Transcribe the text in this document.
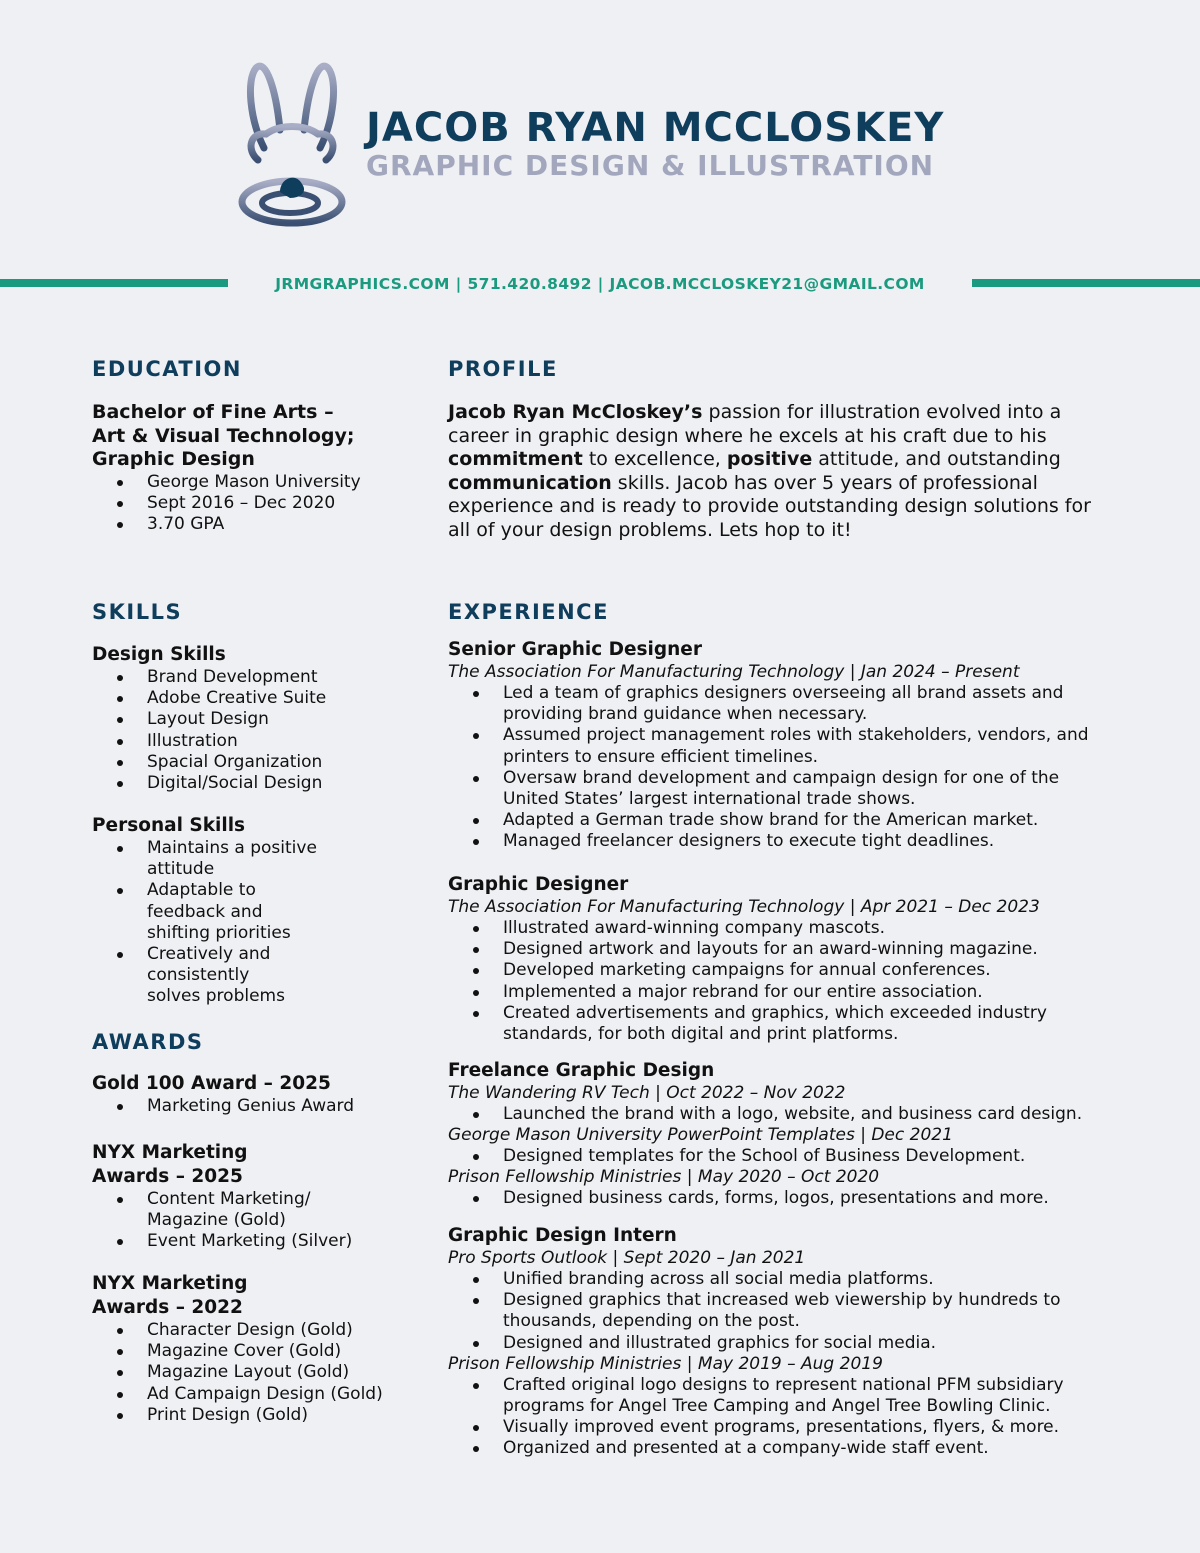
JACOB RYAN MCCLOSKEY
GRAPHIC DESIGN & ILLUSTRATION
JRMGRAPHICS.COM | 571.420.8492 | JACOB.MCCLOSKEY21@GMAIL.COM
EDUCATION
Bachelor of Fine Arts –
Art & Visual Technology;
Graphic Design
George Mason University
Sept 2016 – Dec 2020
3.70 GPA
PROFILE
Jacob Ryan McCloskey’s passion for illustration evolved into a career in graphic design where he excels at his craft due to his commitment to excellence, positive attitude, and outstanding communication skills. Jacob has over 5 years of professional experience and is ready to provide outstanding design solutions for all of your design problems. Lets hop to it!
SKILLS
Design Skills
Brand Development
Adobe Creative Suite
Layout Design
Illustration
Spacial Organization
Digital/Social Design
Personal Skills
Maintains a positive attitude
Adaptable to feedback and shifting priorities
Creatively and consistently solves problems
AWARDS
Gold 100 Award – 2025
Marketing Genius Award
NYX Marketing
Awards – 2025
Content Marketing/ Magazine (Gold)
Event Marketing (Silver)
NYX Marketing
Awards – 2022
Character Design (Gold)
Magazine Cover (Gold)
Magazine Layout (Gold)
Ad Campaign Design (Gold)
Print Design (Gold)
EXPERIENCE
Senior Graphic Designer
The Association For Manufacturing Technology | Jan 2024 – Present
Led a team of graphics designers overseeing all brand assets and providing brand guidance when necessary.
Assumed project management roles with stakeholders, vendors, and printers to ensure efficient timelines.
Oversaw brand development and campaign design for one of the United States’ largest international trade shows.
Adapted a German trade show brand for the American market.
Managed freelancer designers to execute tight deadlines.
Graphic Designer
The Association For Manufacturing Technology | Apr 2021 – Dec 2023
Illustrated award-winning company mascots.
Designed artwork and layouts for an award-winning magazine.
Developed marketing campaigns for annual conferences.
Implemented a major rebrand for our entire association.
Created advertisements and graphics, which exceeded industry standards, for both digital and print platforms.
Freelance Graphic Design
The Wandering RV Tech | Oct 2022 – Nov 2022
Launched the brand with a logo, website, and business card design.
George Mason University PowerPoint Templates | Dec 2021
Designed templates for the School of Business Development.
Prison Fellowship Ministries | May 2020 – Oct 2020
Designed business cards, forms, logos, presentations and more.
Graphic Design Intern
Pro Sports Outlook | Sept 2020 – Jan 2021
Unified branding across all social media platforms.
Designed graphics that increased web viewership by hundreds to thousands, depending on the post.
Designed and illustrated graphics for social media.
Prison Fellowship Ministries | May 2019 – Aug 2019
Crafted original logo designs to represent national PFM subsidiary programs for Angel Tree Camping and Angel Tree Bowling Clinic.
Visually improved event programs, presentations, flyers, & more.
Organized and presented at a company-wide staff event.
